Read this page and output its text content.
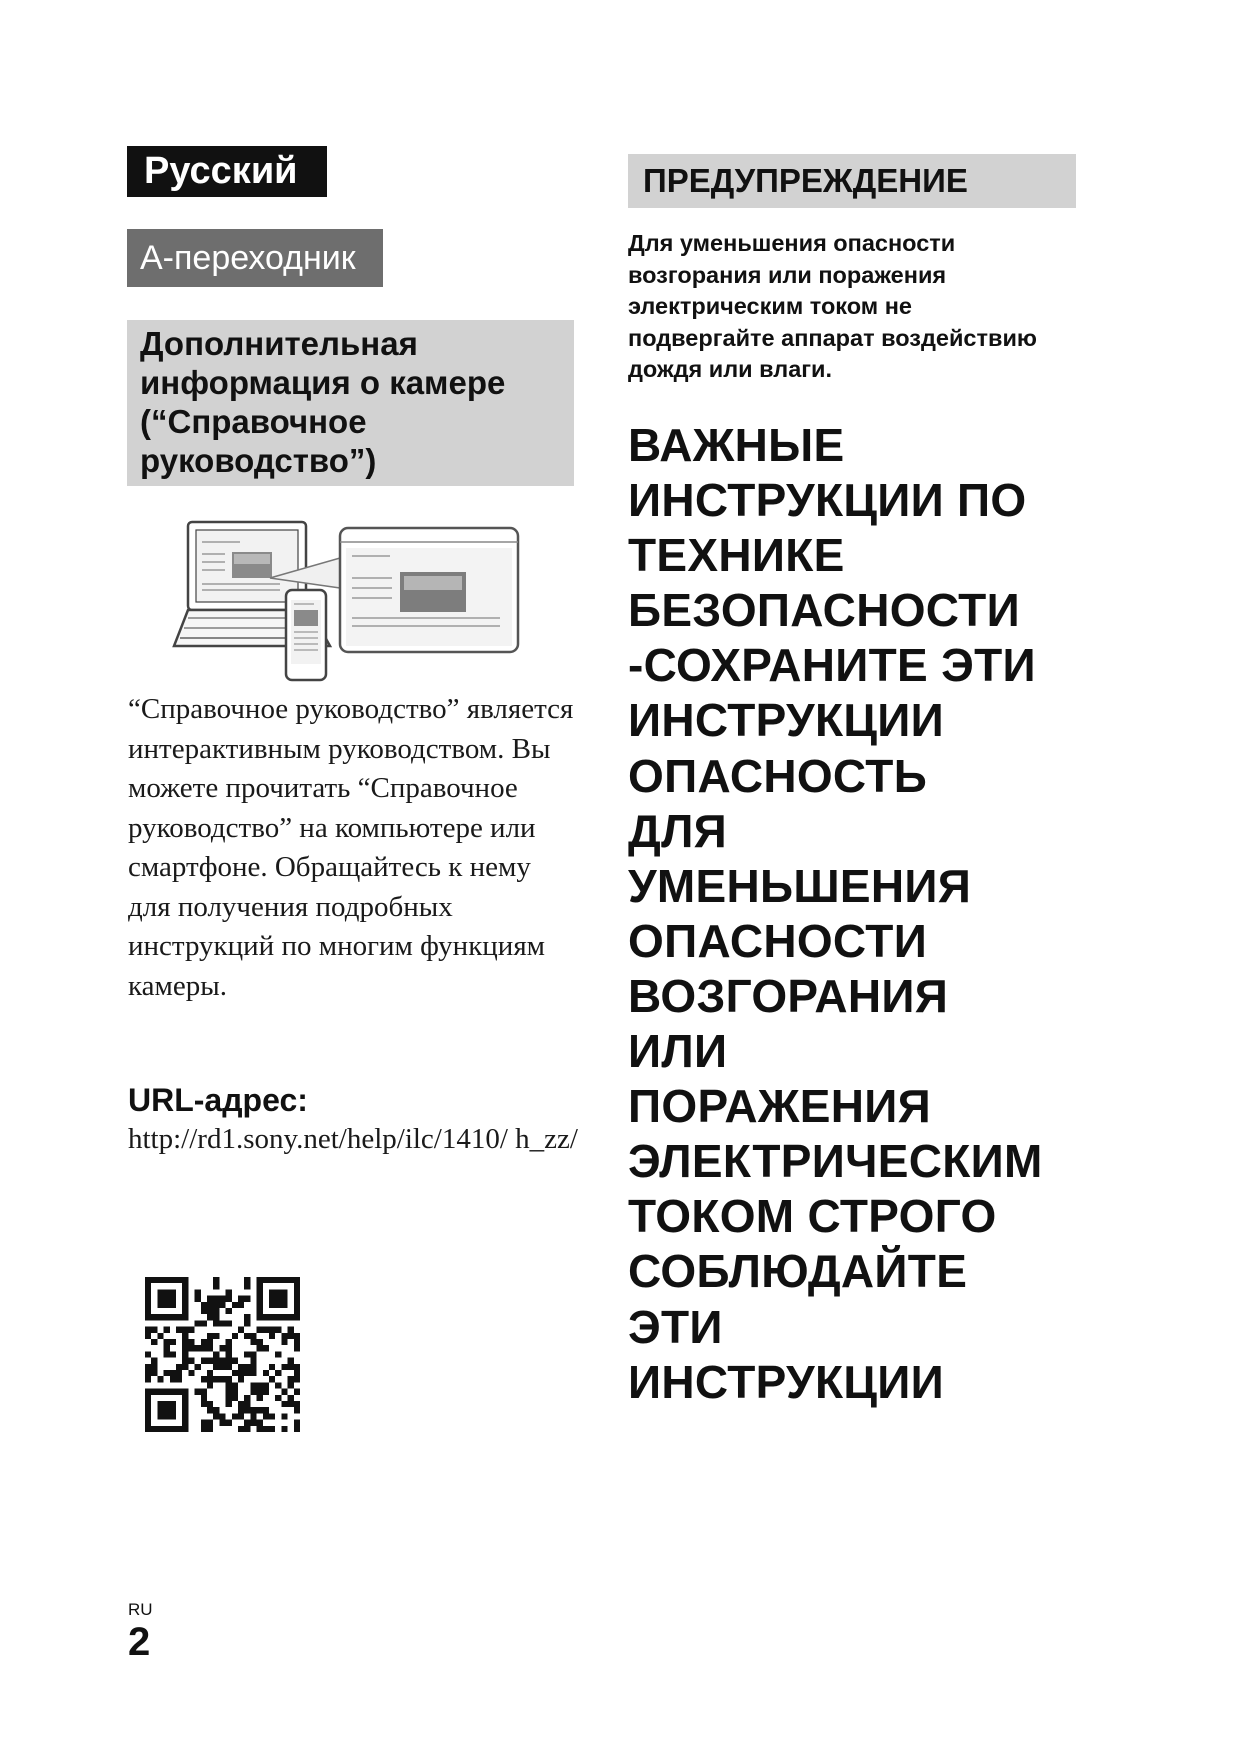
Русский
А-переходник
Дополнительная информация о камере (“Справочное руководство”)
“Справочное руководство” является интерактивным руководством. Вы можете прочитать “Справочное руководство” на компьютере или смартфоне. Обращайтесь к нему для получения подробных инструкций по многим функциям камеры.
URL-адрес:
http://rd1.sony.net/help/ilc/1410/ h_zz/
ПРЕДУПРЕЖДЕНИЕ
Для уменьшения опасности
возгорания или поражения
электрическим током не
подвергайте аппарат воздействию
дождя или влаги.
ВАЖНЫЕ
ИНСТРУКЦИИ ПО
ТЕХНИКЕ
БЕЗОПАСНОСТИ
-СОХРАНИТЕ ЭТИ
ИНСТРУКЦИИ
ОПАСНОСТЬ
ДЛЯ
УМЕНЬШЕНИЯ
ОПАСНОСТИ
ВОЗГОРАНИЯ
ИЛИ
ПОРАЖЕНИЯ
ЭЛЕКТРИЧЕСКИМ
ТОКОМ СТРОГО
СОБЛЮДАЙТЕ
ЭТИ
ИНСТРУКЦИИ
RU
2
